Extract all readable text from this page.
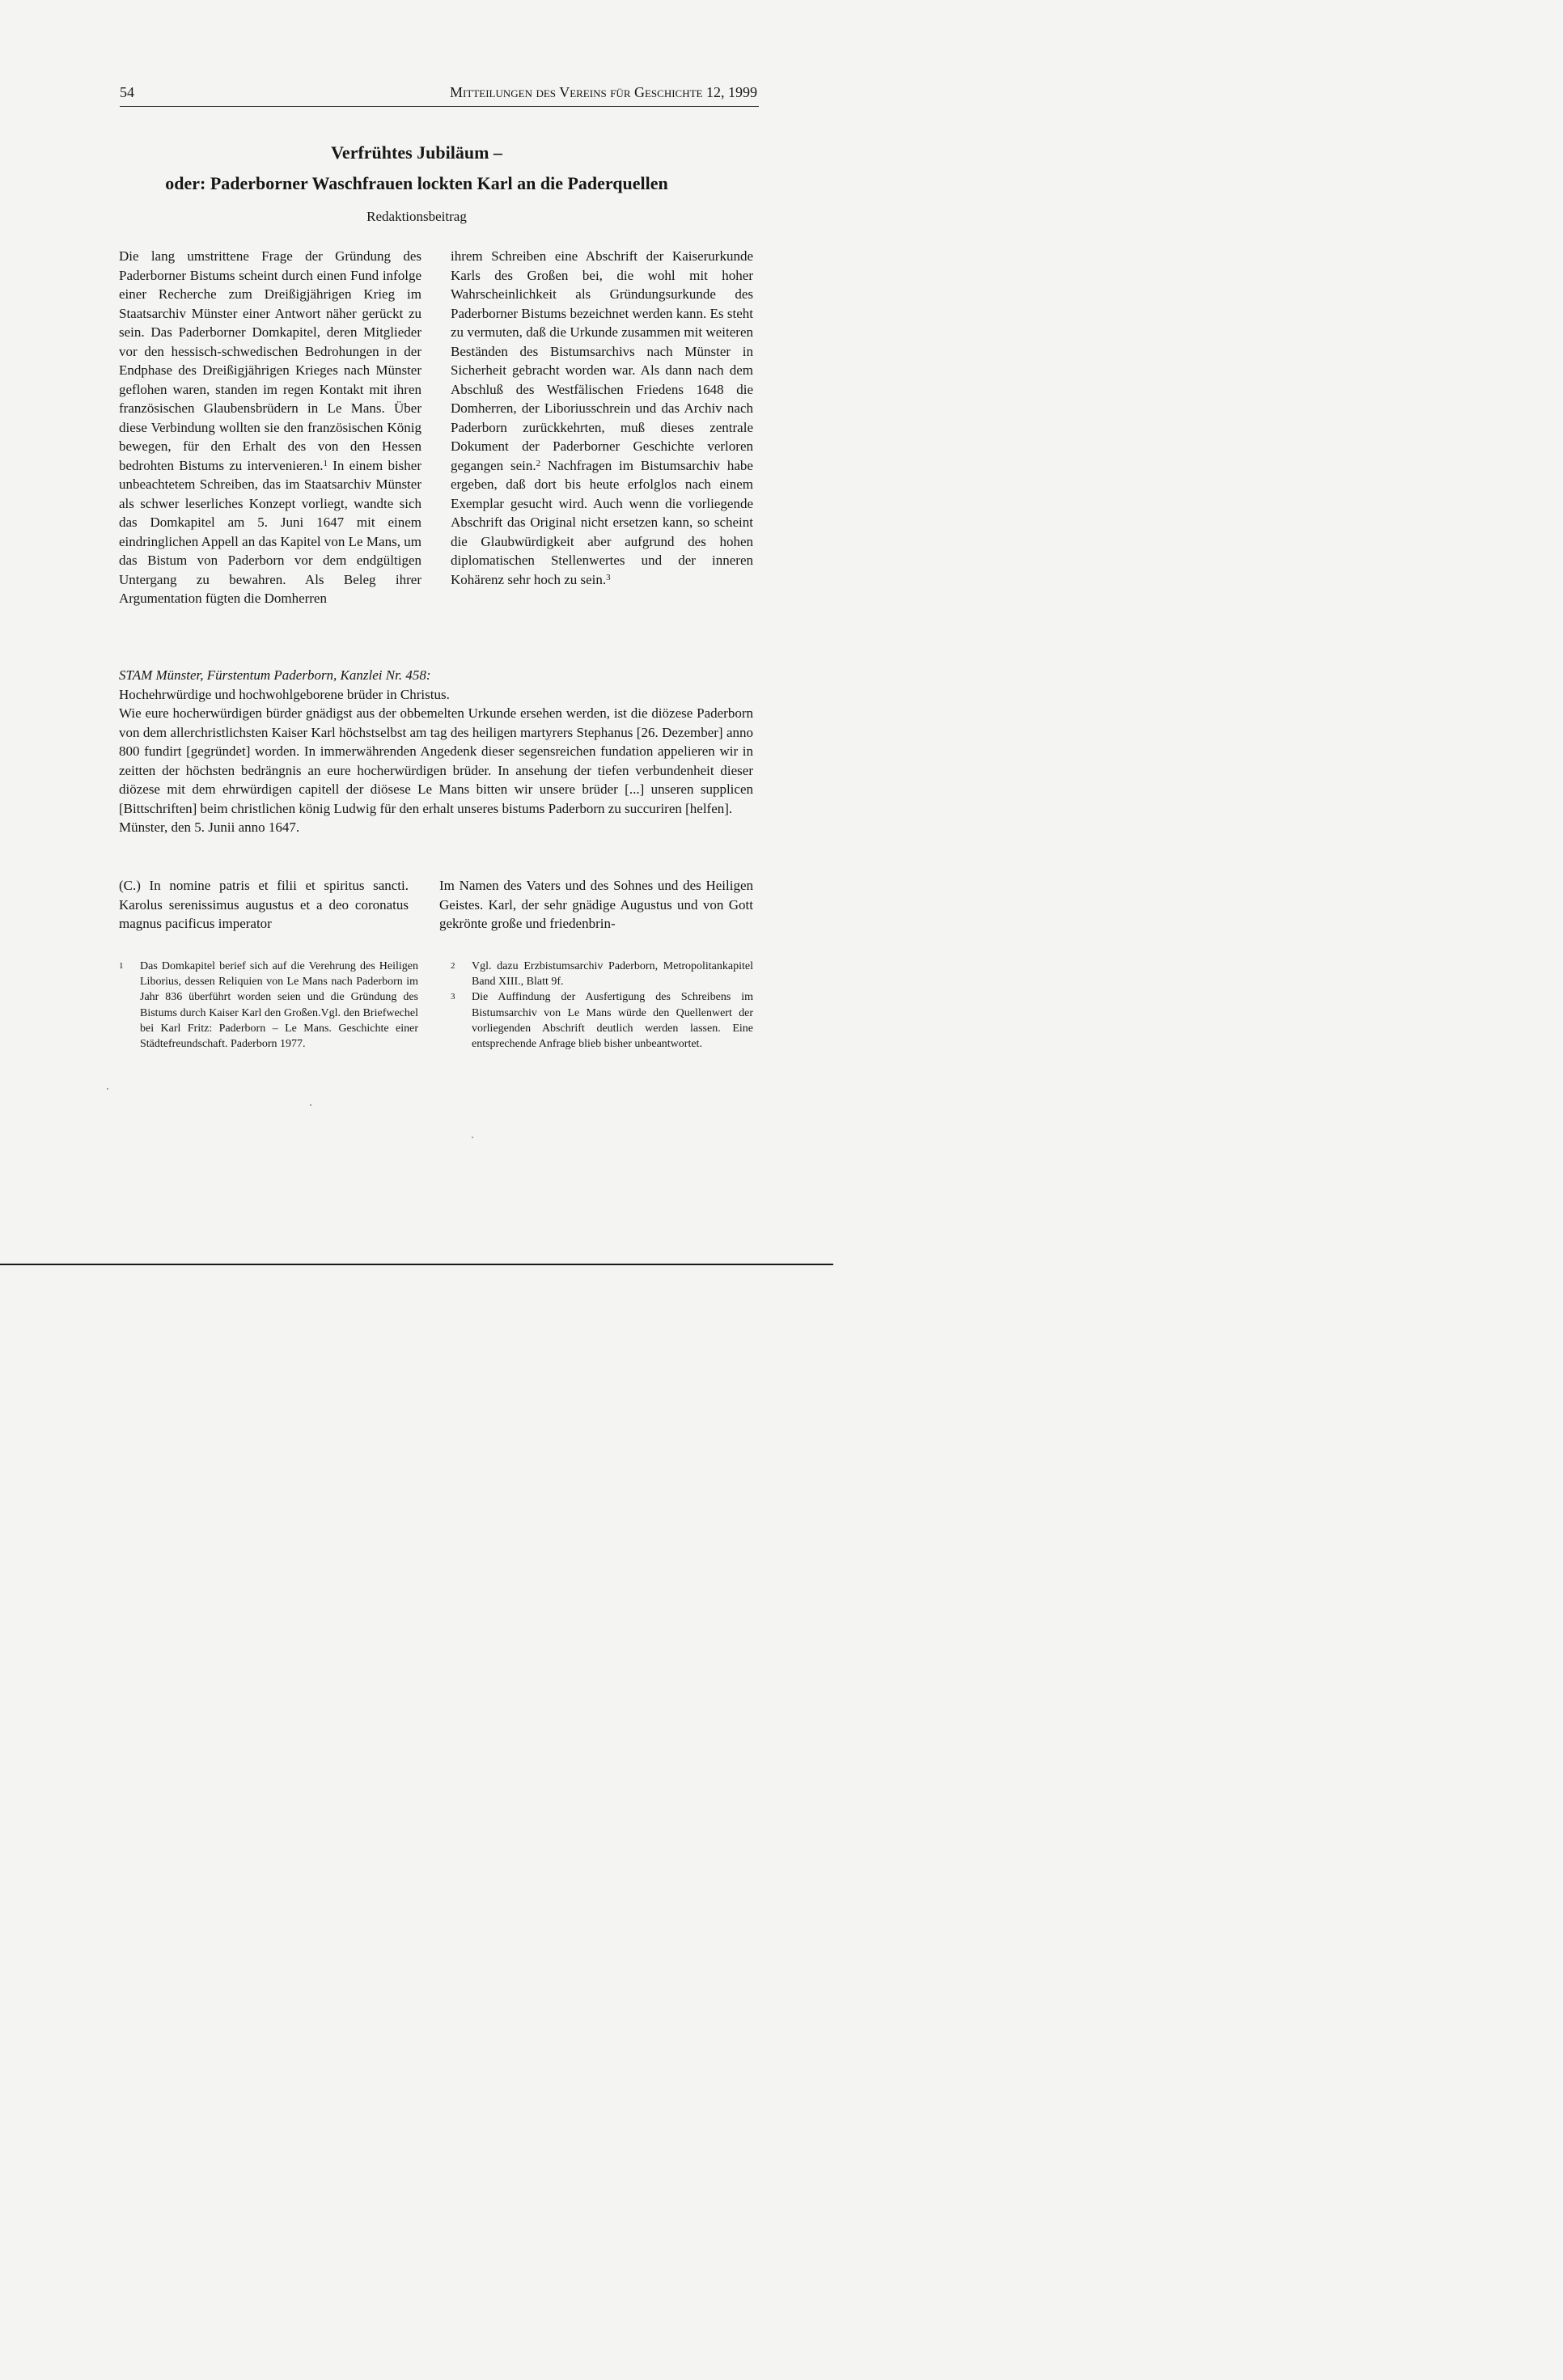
54	Mitteilungen des Vereins für Geschichte 12, 1999
Verfrühtes Jubiläum –
oder: Paderborner Waschfrauen lockten Karl an die Paderquellen
Redaktionsbeitrag
Die lang umstrittene Frage der Gründung des Paderborner Bistums scheint durch einen Fund infolge einer Recherche zum Dreißigjährigen Krieg im Staatsarchiv Münster einer Antwort näher gerückt zu sein. Das Paderborner Domkapitel, deren Mitglieder vor den hessisch-schwedischen Bedrohungen in der Endphase des Dreißigjährigen Krieges nach Münster geflohen waren, standen im regen Kontakt mit ihren französischen Glaubensbrüdern in Le Mans. Über diese Verbindung wollten sie den französischen König bewegen, für den Erhalt des von den Hessen bedrohten Bistums zu intervenieren.$^1$ In einem bisher unbeachtetem Schreiben, das im Staatsarchiv Münster als schwer leserliches Konzept vorliegt, wandte sich das Domkapitel am 5. Juni 1647 mit einem eindringlichen Appell an das Kapitel von Le Mans, um das Bistum von Paderborn vor dem endgültigen Untergang zu bewahren. Als Beleg ihrer Argumentation fügten die Domherren
ihrem Schreiben eine Abschrift der Kaiserurkunde Karls des Großen bei, die wohl mit hoher Wahrscheinlichkeit als Gründungsurkunde des Paderborner Bistums bezeichnet werden kann. Es steht zu vermuten, daß die Urkunde zusammen mit weiteren Beständen des Bistumsarchivs nach Münster in Sicherheit gebracht worden war. Als dann nach dem Abschluß des Westfälischen Friedens 1648 die Domherren, der Liboriusschrein und das Archiv nach Paderborn zurückkehrten, muß dieses zentrale Dokument der Paderborner Geschichte verloren gegangen sein.$^2$ Nachfragen im Bistumsarchiv habe ergeben, daß dort bis heute erfolglos nach einem Exemplar gesucht wird. Auch wenn die vorliegende Abschrift das Original nicht ersetzen kann, so scheint die Glaubwürdigkeit aber aufgrund des hohen diplomatischen Stellenwertes und der inneren Kohärenz sehr hoch zu sein.$^3$
STAM Münster, Fürstentum Paderborn, Kanzlei Nr. 458:
Hochehrwürdige und hochwohlgeborene brüder in Christus.
Wie eure hocherwürdigen bürder gnädigst aus der obbemelten Urkunde ersehen werden, ist die diözese Paderborn von dem allerchristlichsten Kaiser Karl höchstselbst am tag des heiligen martyrers Stephanus [26. Dezember] anno 800 fundirt [gegründet] worden. In immerwährenden Angedenk dieser segensreichen fundation appelieren wir in zeitten der höchsten bedrängnis an eure hocherwürdigen brüder. In ansehung der tiefen verbundenheit dieser diözese mit dem ehrwürdigen capitell der diösese Le Mans bitten wir unsere brüder [...] unseren supplicen [Bittschriften] beim christlichen könig Ludwig für den erhalt unseres bistums Paderborn zu succuriren [helfen].
Münster, den 5. Junii anno 1647.
(C.) In nomine patris et filii et spiritus sancti. Karolus serenissimus augustus et a deo coronatus magnus pacificus imperator
Im Namen des Vaters und des Sohnes und des Heiligen Geistes. Karl, der sehr gnädige Augustus und von Gott gekrönte große und friedenbrin-
1 Das Domkapitel berief sich auf die Verehrung des Heiligen Liborius, dessen Reliquien von Le Mans nach Paderborn im Jahr 836 überführt worden seien und die Gründung des Bistums durch Kaiser Karl den Großen.Vgl. den Briefwechel bei Karl Fritz: Paderborn – Le Mans. Geschichte einer Städtefreundschaft. Paderborn 1977.
2 Vgl. dazu Erzbistumsarchiv Paderborn, Metropolitankapitel Band XIII., Blatt 9f.
3 Die Auffindung der Ausfertigung des Schreibens im Bistumsarchiv von Le Mans würde den Quellenwert der vorliegenden Abschrift deutlich werden lassen. Eine entsprechende Anfrage blieb bisher unbeantwortet.
